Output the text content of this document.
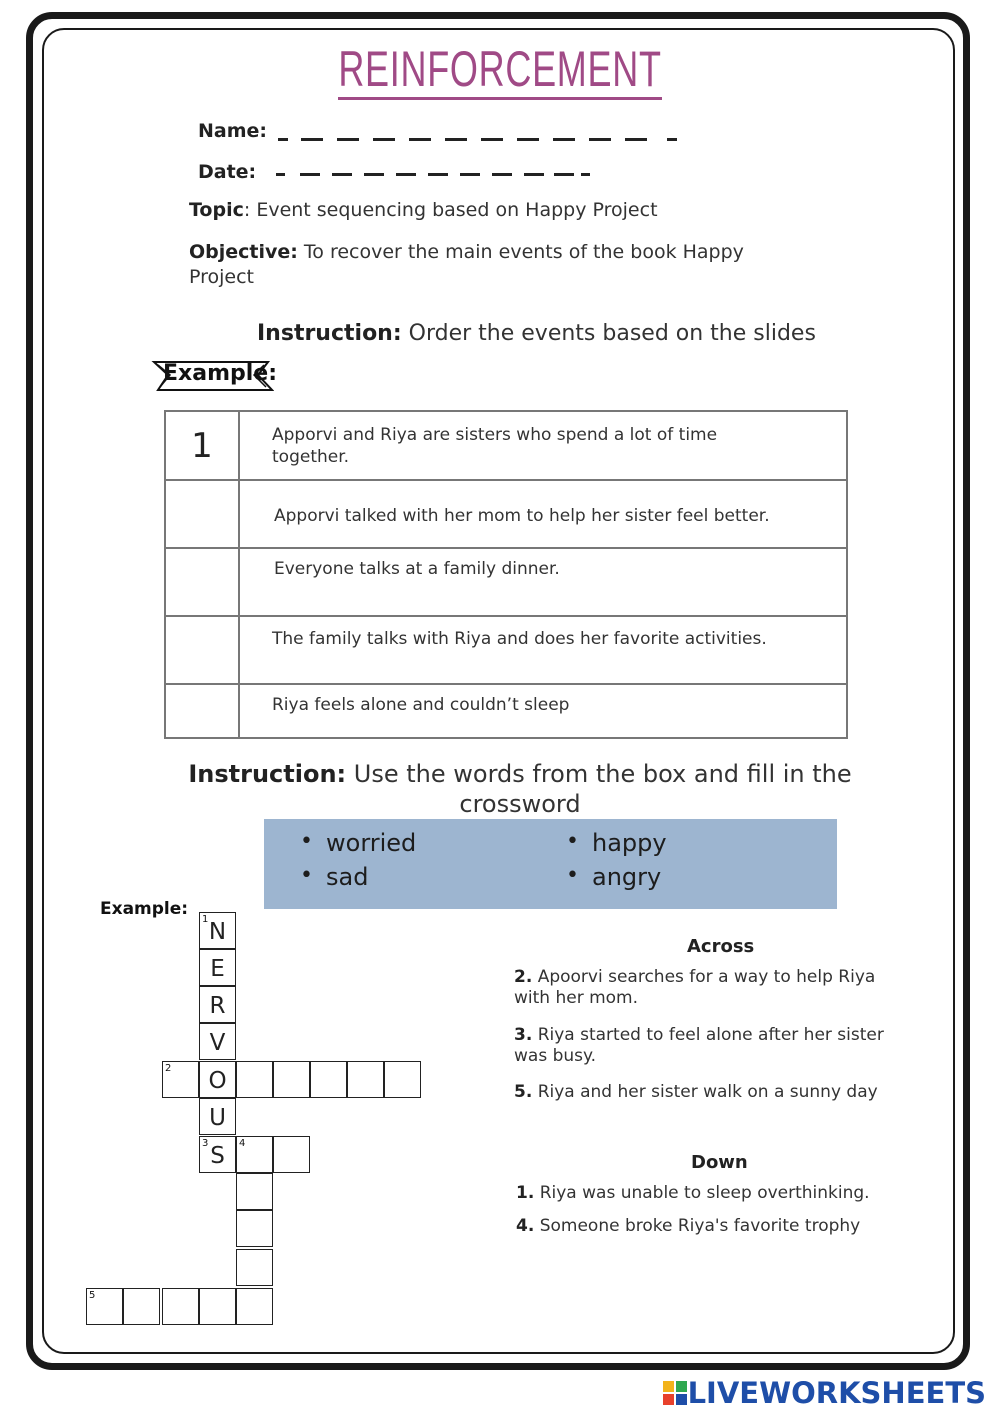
REINFORCEMENT
Name:
Date:
Topic: Event sequencing based on Happy Project
Objective: To recover the main events of the book Happy
Project
Instruction: Order the events based on the slides
Example:
1	Apporvi and Riya are sisters who spend a lot of time
together.
	Apporvi talked with her mom to help her sister feel better.
	Everyone talks at a family dinner.
	The family talks with Riya and does her favorite activities.
	Riya feels alone and couldn’t sleep
Instruction: Use the words from the box and fill in the
crossword
• worried	• happy
• sad	• angry
Example:
1 N
E
R
V
O
U
3 S
2
4
5
Across
2. Apoorvi searches for a way to help Riya
with her mom.
3. Riya started to feel alone after her sister
was busy.
5. Riya and her sister walk on a sunny day
Down
1. Riya was unable to sleep overthinking.
4. Someone broke Riya's favorite trophy
LIVEWORKSHEETS
